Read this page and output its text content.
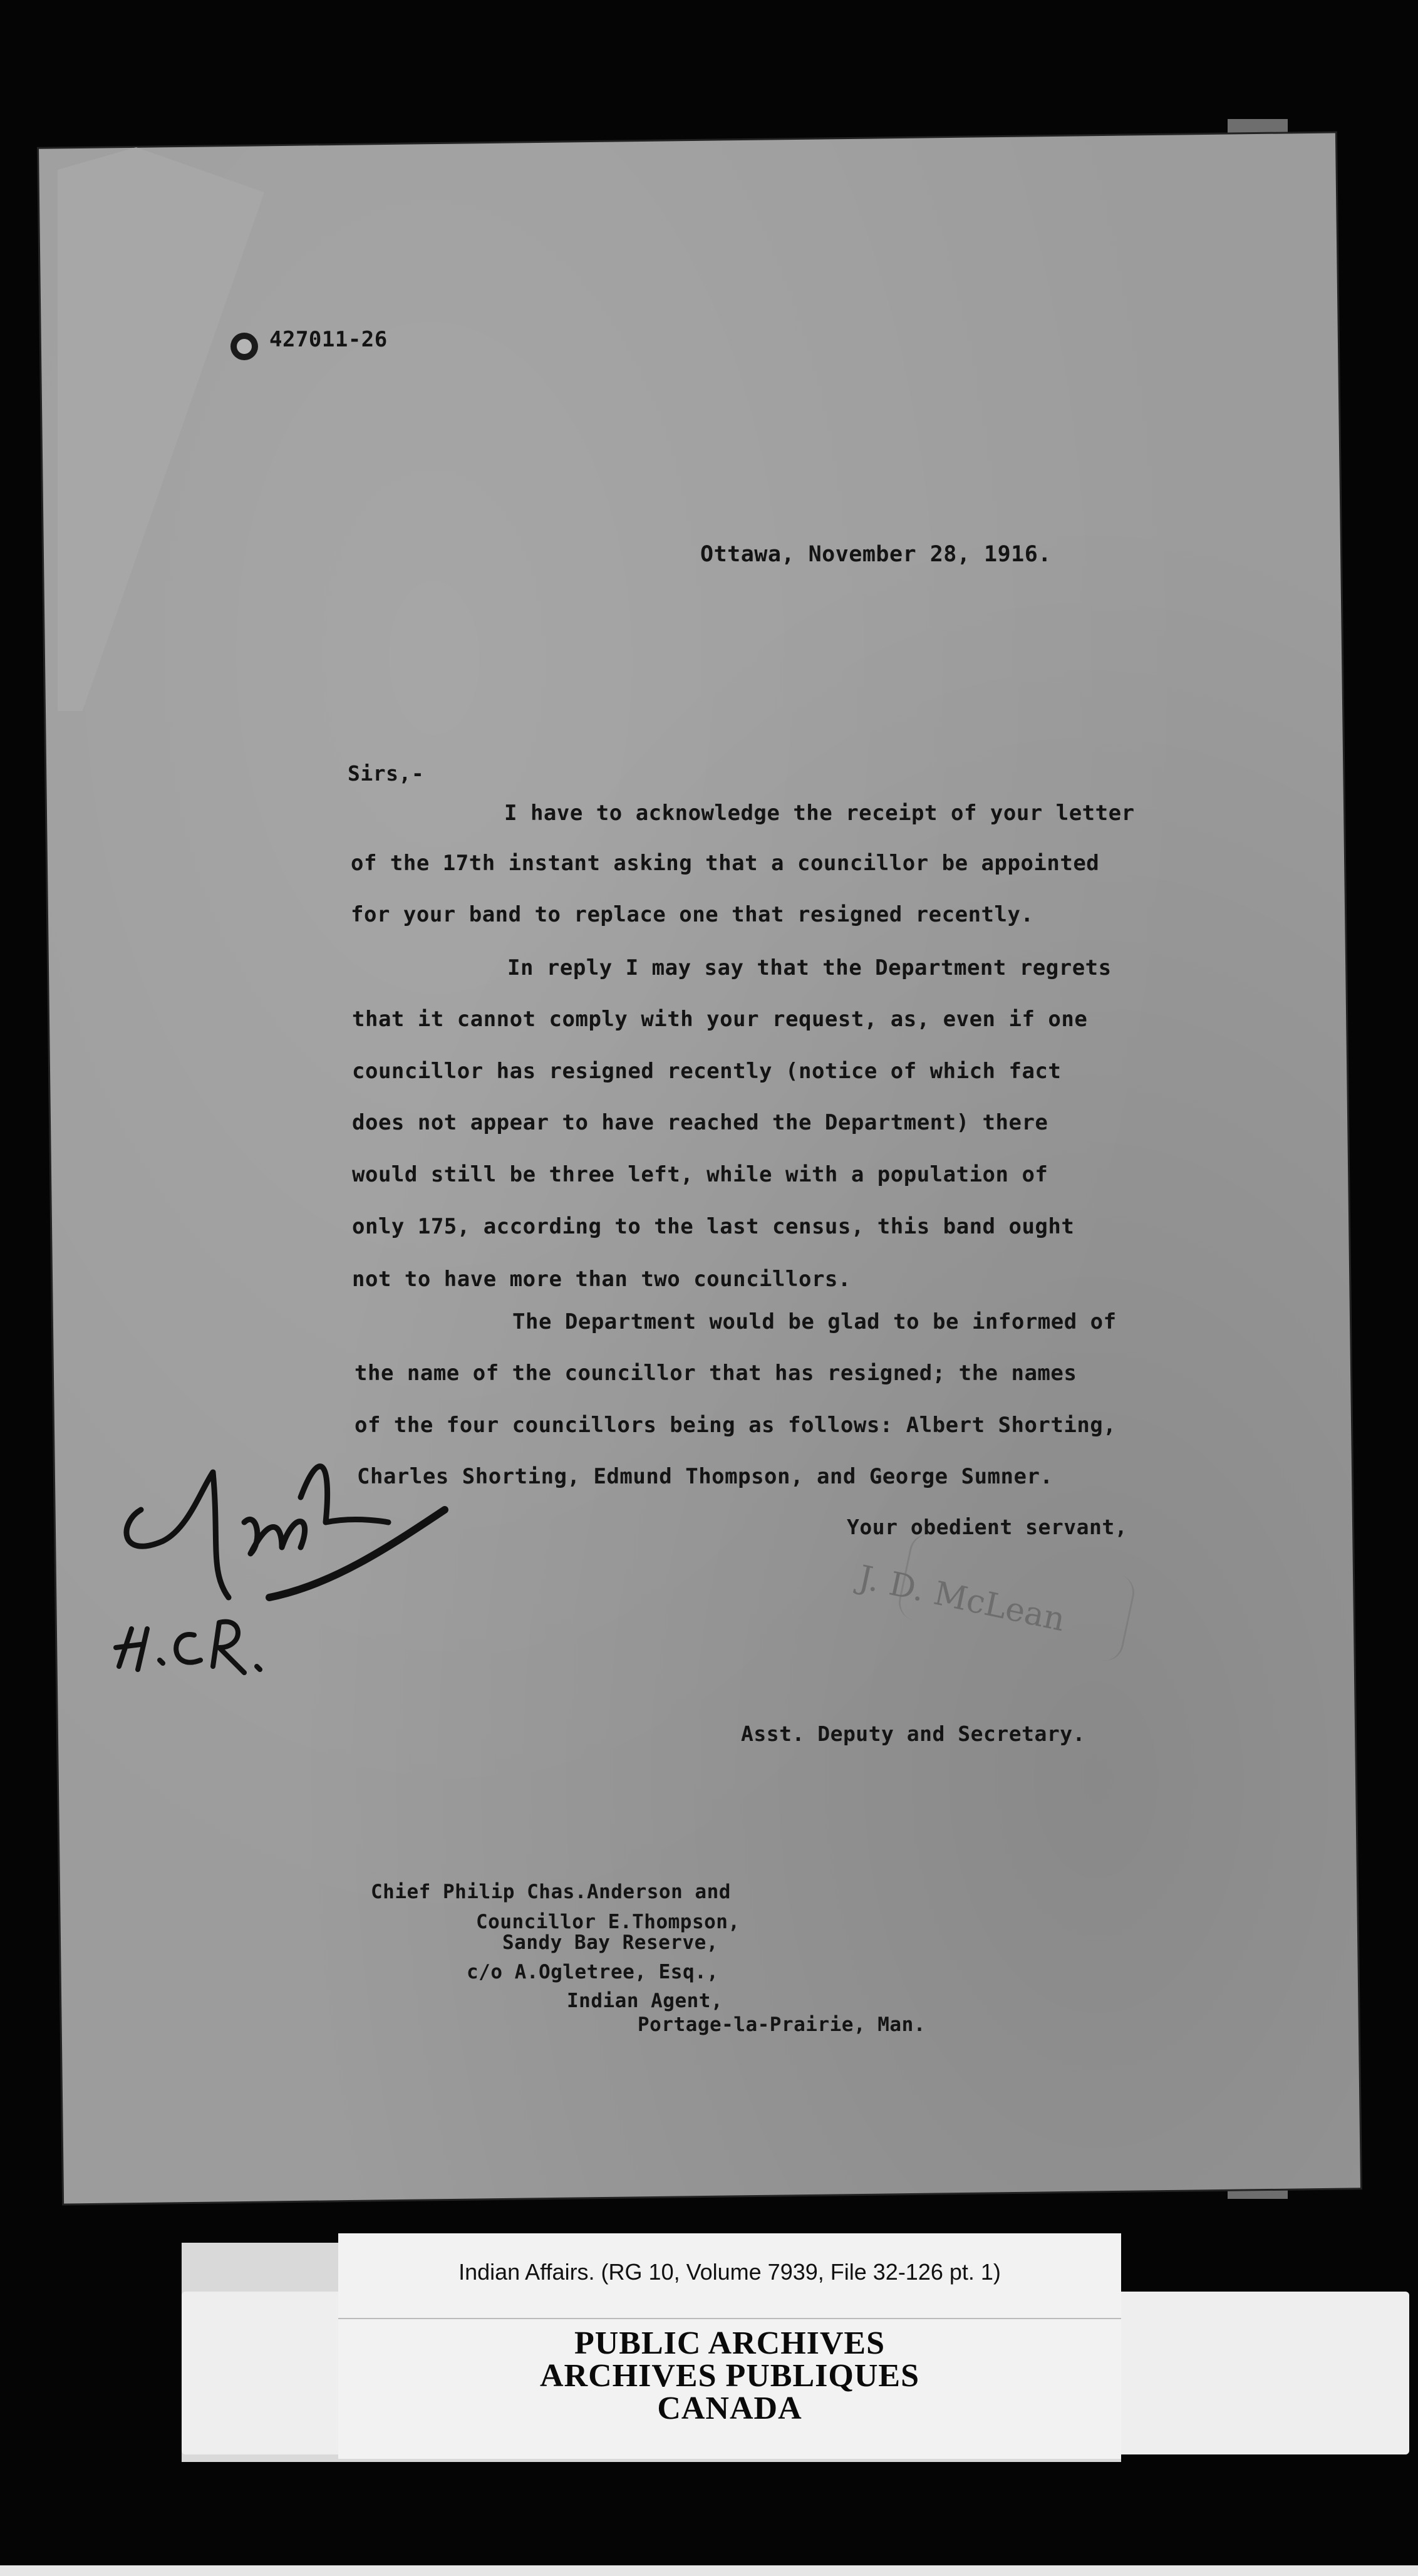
427011-26
Ottawa, November 28, 1916.
Sirs,-
I have to acknowledge the receipt of your letter
of the 17th instant asking that a councillor be appointed
for your band to replace one that resigned recently.
In reply I may say that the Department regrets
that it cannot comply with your request, as, even if one
councillor has resigned recently (notice of which fact
does not appear to have reached the Department) there
would still be three left, while with a population of
only 175, according to the last census, this band ought
not to have more than two councillors.
The Department would be glad to be informed of
the name of the councillor that has resigned; the names
of the four councillors being as follows: Albert Shorting,
Charles Shorting, Edmund Thompson, and George Sumner.
Your obedient servant,
J. D. McLean
Asst. Deputy and Secretary.
Chief Philip Chas.Anderson and
Councillor E.Thompson,
Sandy Bay Reserve,
c/o A.Ogletree, Esq.,
Indian Agent,
Portage-la-Prairie, Man.
Indian Affairs. (RG 10, Volume 7939, File 32-126 pt. 1)
PUBLIC ARCHIVES
ARCHIVES PUBLIQUES
CANADA
